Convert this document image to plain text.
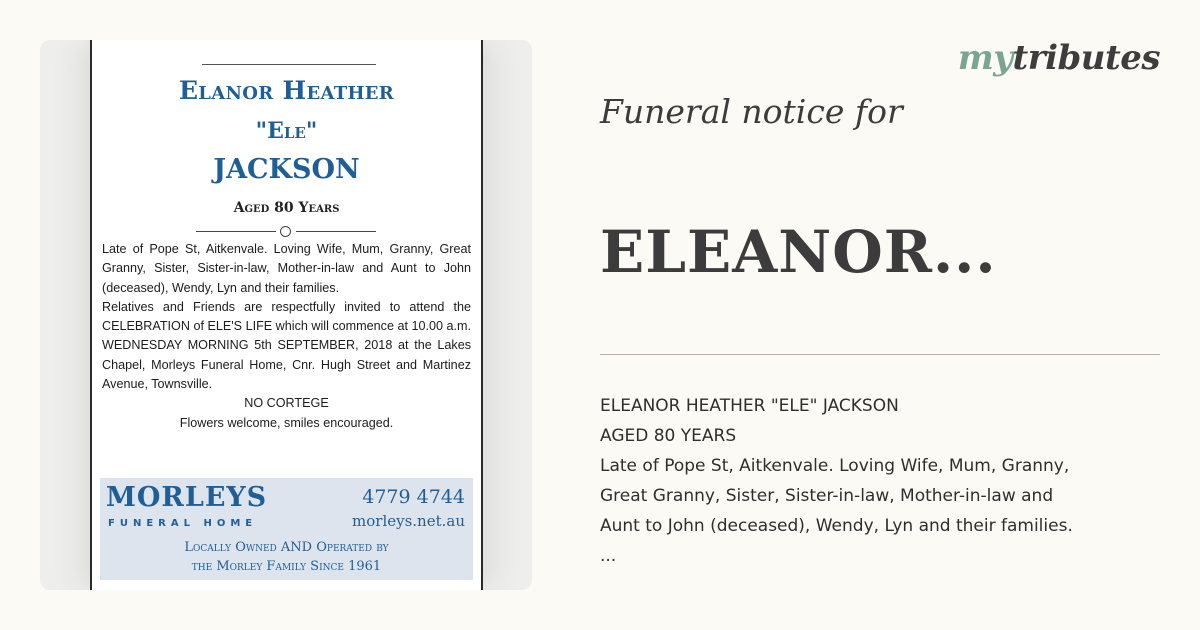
Elanor Heather
"Ele"
JACKSON
Aged 80 Years

Late of Pope St, Aitkenvale. Loving Wife, Mum, Granny, Great Granny, Sister, Sister-in-law, Mother-in-law and Aunt to John (deceased), Wendy, Lyn and their families.

Relatives and Friends are respectfully invited to attend the CELEBRATION of ELE'S LIFE which will commence at 10.00 a.m. WEDNESDAY MORNING 5th SEPTEMBER, 2018 at the Lakes Chapel, Morleys Funeral Home, Cnr. Hugh Street and Martinez Avenue, Townsville.

NO CORTEGE

Flowers welcome, smiles encouraged.

MORLEYS
FUNERAL HOME
4779 4744
morleys.net.au
Locally Owned AND Operated by
the Morley Family Since 1961
mytributes
Funeral notice for
ELEANOR...
ELEANOR HEATHER "ELE" JACKSON
AGED 80 YEARS
Late of Pope St, Aitkenvale. Loving Wife, Mum, Granny,
Great Granny, Sister, Sister-in-law, Mother-in-law and
Aunt to John (deceased), Wendy, Lyn and their families.
...
